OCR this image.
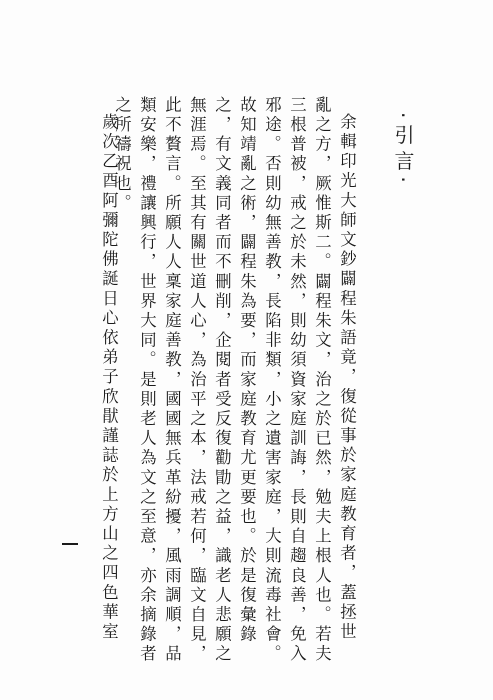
‧引言‧
余輯印光大師文鈔闢程朱語竟，復從事於家庭教育者，蓋拯世
亂之方，厥惟斯二。闢程朱文，治之於已然，勉夫上根人也。若夫
三根普被，戒之於未然，則幼須資家庭訓誨，長則自趨良善，免入
邪途。否則幼無善教，長陷非類，小之遺害家庭，大則流毒社會。
故知靖亂之術，闢程朱為要，而家庭教育尤更要也。於是復彙錄
之，有文義同者而不刪削，企閱者受反復勸勖之益，識老人悲願之
無涯焉。至其有關世道人心，為治平之本，法戒若何，臨文自見，
此不贅言。所願人人稟家庭善教，國國無兵革紛擾，風雨調順，品
類安樂，禮讓興行，世界大同。是則老人為文之至意，亦余摘錄者
之所禱祝也。
歲次乙酉阿彌陀佛誕日心依弟子欣猒謹誌於上方山之四色華室
